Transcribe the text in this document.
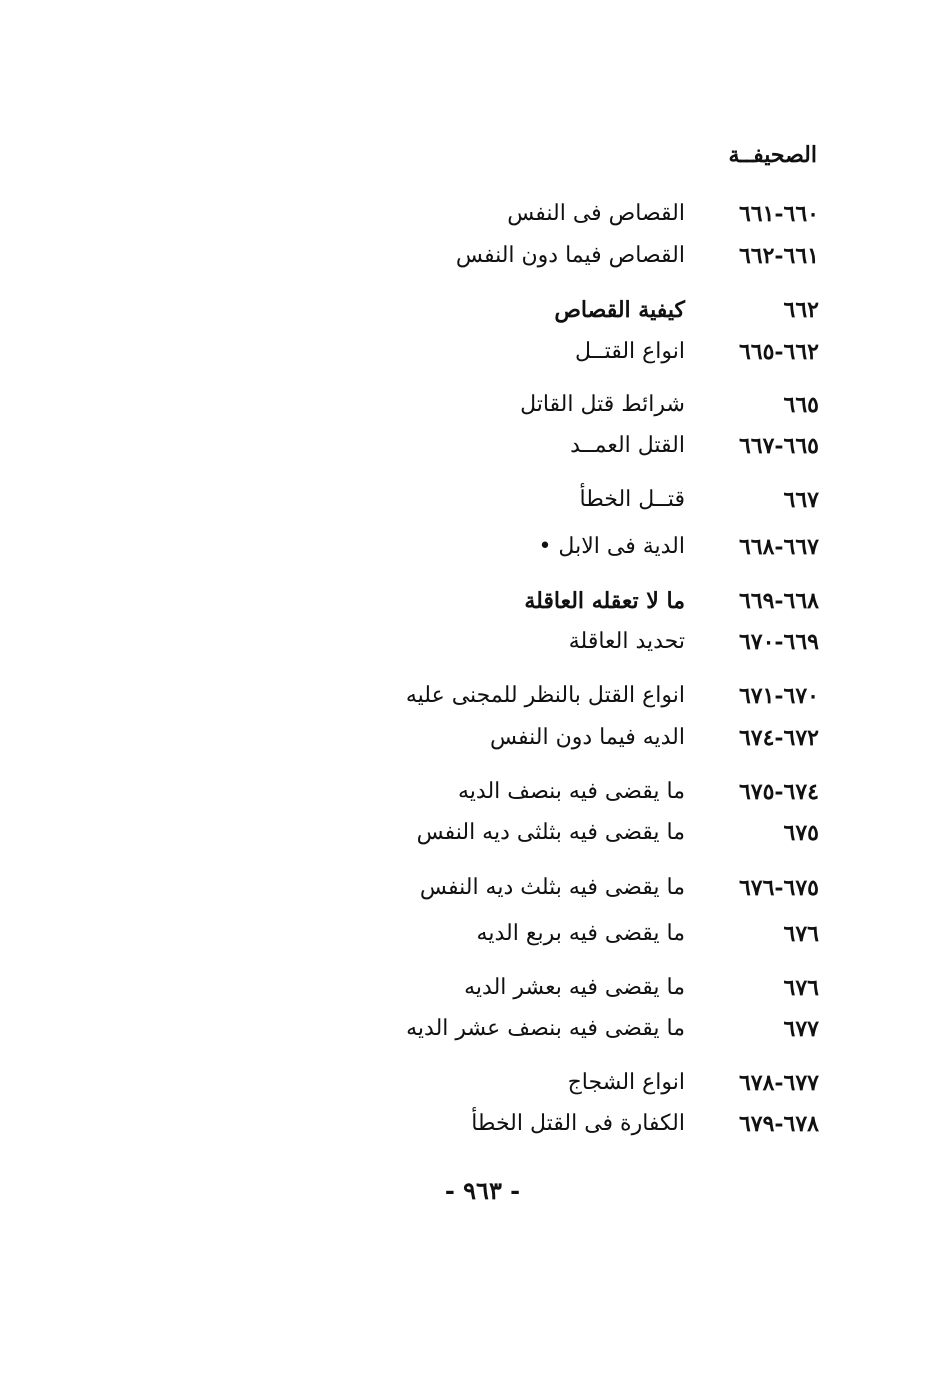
الصحيفــة
٦٦٠-٦٦١
القصاص فى النفس
٦٦١-٦٦٢
القصاص فيما دون النفس
٦٦٢
كيفية القصاص
٦٦٢-٦٦٥
انواع القتــل
٦٦٥
شرائط قتل القاتل
٦٦٥-٦٦٧
القتل العمــد
٦٦٧
قتــل الخطأ
٦٦٧-٦٦٨
الدية فى الابل •
٦٦٨-٦٦٩
ما لا تعقله العاقلة
٦٦٩-٦٧٠
تحديد العاقلة
٦٧٠-٦٧١
انواع القتل بالنظر للمجنى عليه
٦٧٢-٦٧٤
الديه فيما دون النفس
٦٧٤-٦٧٥
ما يقضى فيه بنصف الديه
٦٧٥
ما يقضى فيه بثلثى ديه النفس
٦٧٥-٦٧٦
ما يقضى فيه بثلث ديه النفس
٦٧٦
ما يقضى فيه بربع الديه
٦٧٦
ما يقضى فيه بعشر الديه
٦٧٧
ما يقضى فيه بنصف عشر الديه
٦٧٧-٦٧٨
انواع الشجاج
٦٧٨-٦٧٩
الكفارة فى القتل الخطأ
- ٩٦٣ -
